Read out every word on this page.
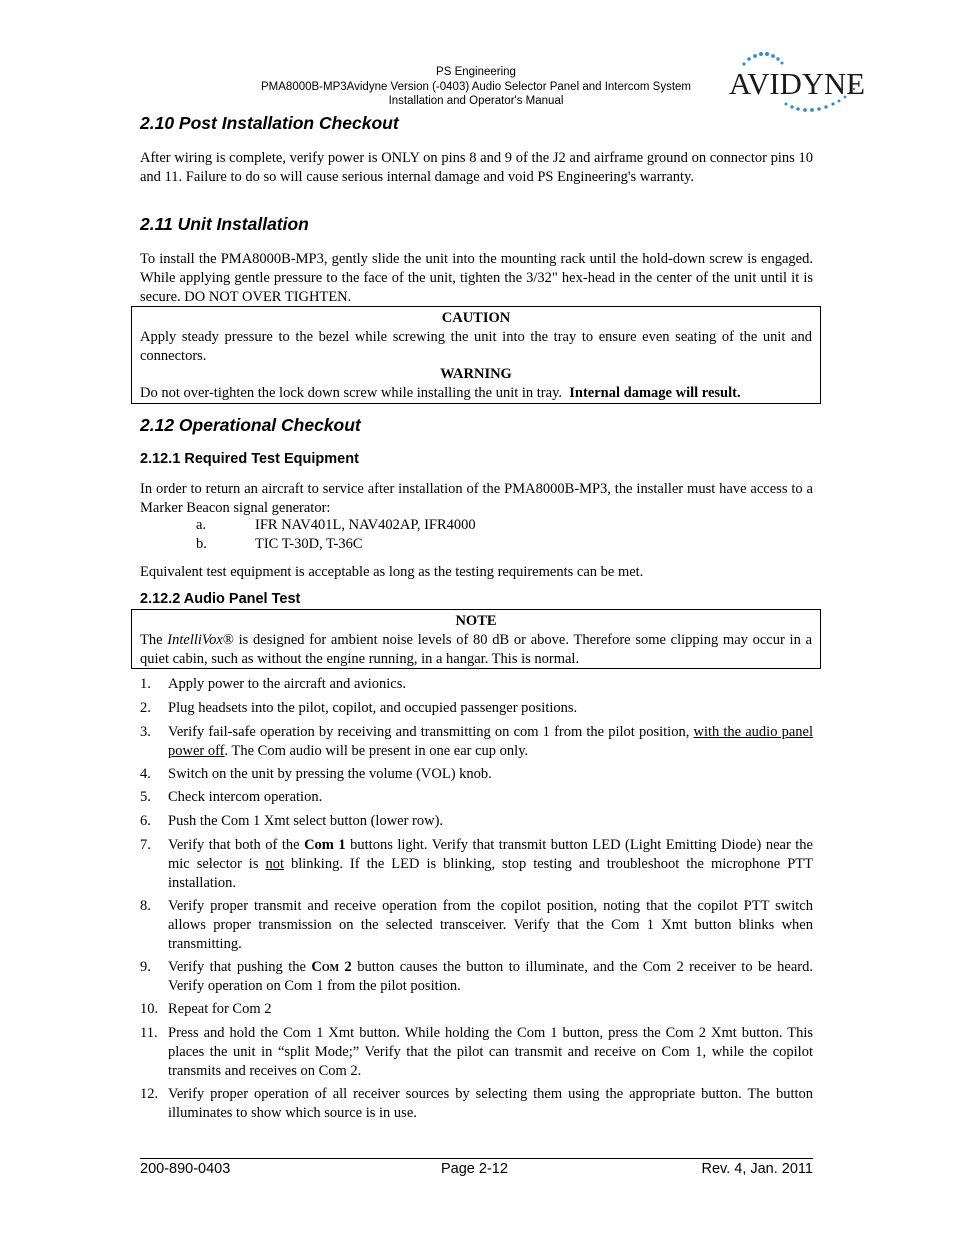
PS Engineering
PMA8000B-MP3Avidyne Version (-0403) Audio Selector Panel and Intercom System
Installation and Operator's Manual	AVIDYNE
2.10 Post Installation Checkout
After wiring is complete, verify power is ONLY on pins 8 and 9 of the J2 and airframe ground on connector pins 10 and 11. Failure to do so will cause serious internal damage and void PS Engineering's warranty.
2.11 Unit Installation
To install the PMA8000B-MP3, gently slide the unit into the mounting rack until the hold-down screw is engaged. While applying gentle pressure to the face of the unit, tighten the 3/32" hex-head in the center of the unit until it is secure. DO NOT OVER TIGHTEN.
CAUTION
Apply steady pressure to the bezel while screwing the unit into the tray to ensure even seating of the unit and connectors.
WARNING
Do not over-tighten the lock down screw while installing the unit in tray. Internal damage will result.
2.12 Operational Checkout
2.12.1 Required Test Equipment
In order to return an aircraft to service after installation of the PMA8000B-MP3, the installer must have access to a Marker Beacon signal generator:
a.	IFR NAV401L, NAV402AP, IFR4000
b.	TIC T-30D, T-36C
Equivalent test equipment is acceptable as long as the testing requirements can be met.
2.12.2 Audio Panel Test
NOTE
The IntelliVox® is designed for ambient noise levels of 80 dB or above. Therefore some clipping may occur in a quiet cabin, such as without the engine running, in a hangar. This is normal.
1. Apply power to the aircraft and avionics.
2. Plug headsets into the pilot, copilot, and occupied passenger positions.
3. Verify fail-safe operation by receiving and transmitting on com 1 from the pilot position, with the audio panel power off. The Com audio will be present in one ear cup only.
4. Switch on the unit by pressing the volume (VOL) knob.
5. Check intercom operation.
6. Push the Com 1 Xmt select button (lower row).
7. Verify that both of the Com 1 buttons light. Verify that transmit button LED (Light Emitting Diode) near the mic selector is not blinking. If the LED is blinking, stop testing and troubleshoot the microphone PTT installation.
8. Verify proper transmit and receive operation from the copilot position, noting that the copilot PTT switch allows proper transmission on the selected transceiver. Verify that the Com 1 Xmt button blinks when transmitting.
9. Verify that pushing the Com 2 button causes the button to illuminate, and the Com 2 receiver to be heard. Verify operation on Com 1 from the pilot position.
10. Repeat for Com 2
11. Press and hold the Com 1 Xmt button. While holding the Com 1 button, press the Com 2 Xmt button. This places the unit in “split Mode;” Verify that the pilot can transmit and receive on Com 1, while the copilot transmits and receives on Com 2.
12. Verify proper operation of all receiver sources by selecting them using the appropriate button. The button illuminates to show which source is in use.
200-890-0403	Page 2-12	Rev. 4, Jan. 2011
